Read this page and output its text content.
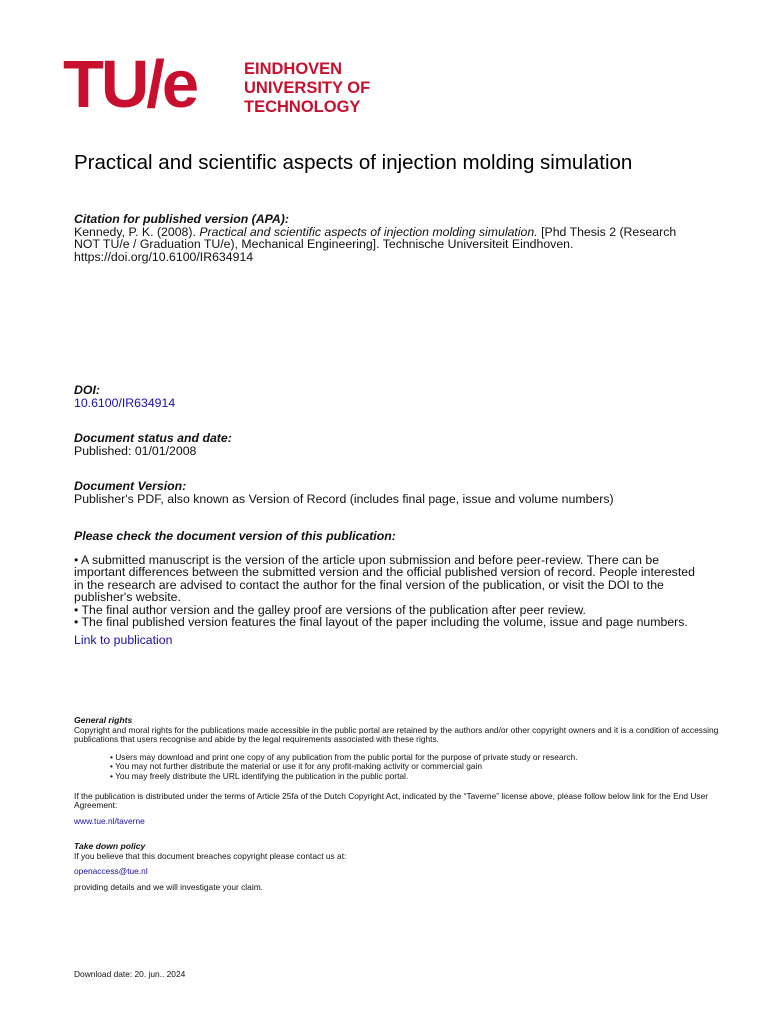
TU/e	EINDHOVEN
UNIVERSITY OF
TECHNOLOGY
Practical and scientific aspects of injection molding simulation
Citation for published version (APA):
Kennedy, P. K. (2008). Practical and scientific aspects of injection molding simulation. [Phd Thesis 2 (Research
NOT TU/e / Graduation TU/e), Mechanical Engineering]. Technische Universiteit Eindhoven.
https://doi.org/10.6100/IR634914
DOI:
10.6100/IR634914
Document status and date:
Published: 01/01/2008
Document Version:
Publisher's PDF, also known as Version of Record (includes final page, issue and volume numbers)
Please check the document version of this publication:

• A submitted manuscript is the version of the article upon submission and before peer-review. There can be important differences between the submitted version and the official published version of record. People interested in the research are advised to contact the author for the final version of the publication, or visit the DOI to the publisher's website.

• The final author version and the galley proof are versions of the publication after peer review.

• The final published version features the final layout of the paper including the volume, issue and page numbers.

Link to publication
General rights
Copyright and moral rights for the publications made accessible in the public portal are retained by the authors and/or other copyright owners and it is a condition of accessing publications that users recognise and abide by the legal requirements associated with these rights.
• Users may download and print one copy of any publication from the public portal for the purpose of private study or research.
• You may not further distribute the material or use it for any profit-making activity or commercial gain
• You may freely distribute the URL identifying the publication in the public portal.
If the publication is distributed under the terms of Article 25fa of the Dutch Copyright Act, indicated by the “Taverne” license above, please follow below link for the End User Agreement:
www.tue.nl/taverne
Take down policy
If you believe that this document breaches copyright please contact us at:
openaccess@tue.nl
providing details and we will investigate your claim.
Download date: 20. jun.. 2024
